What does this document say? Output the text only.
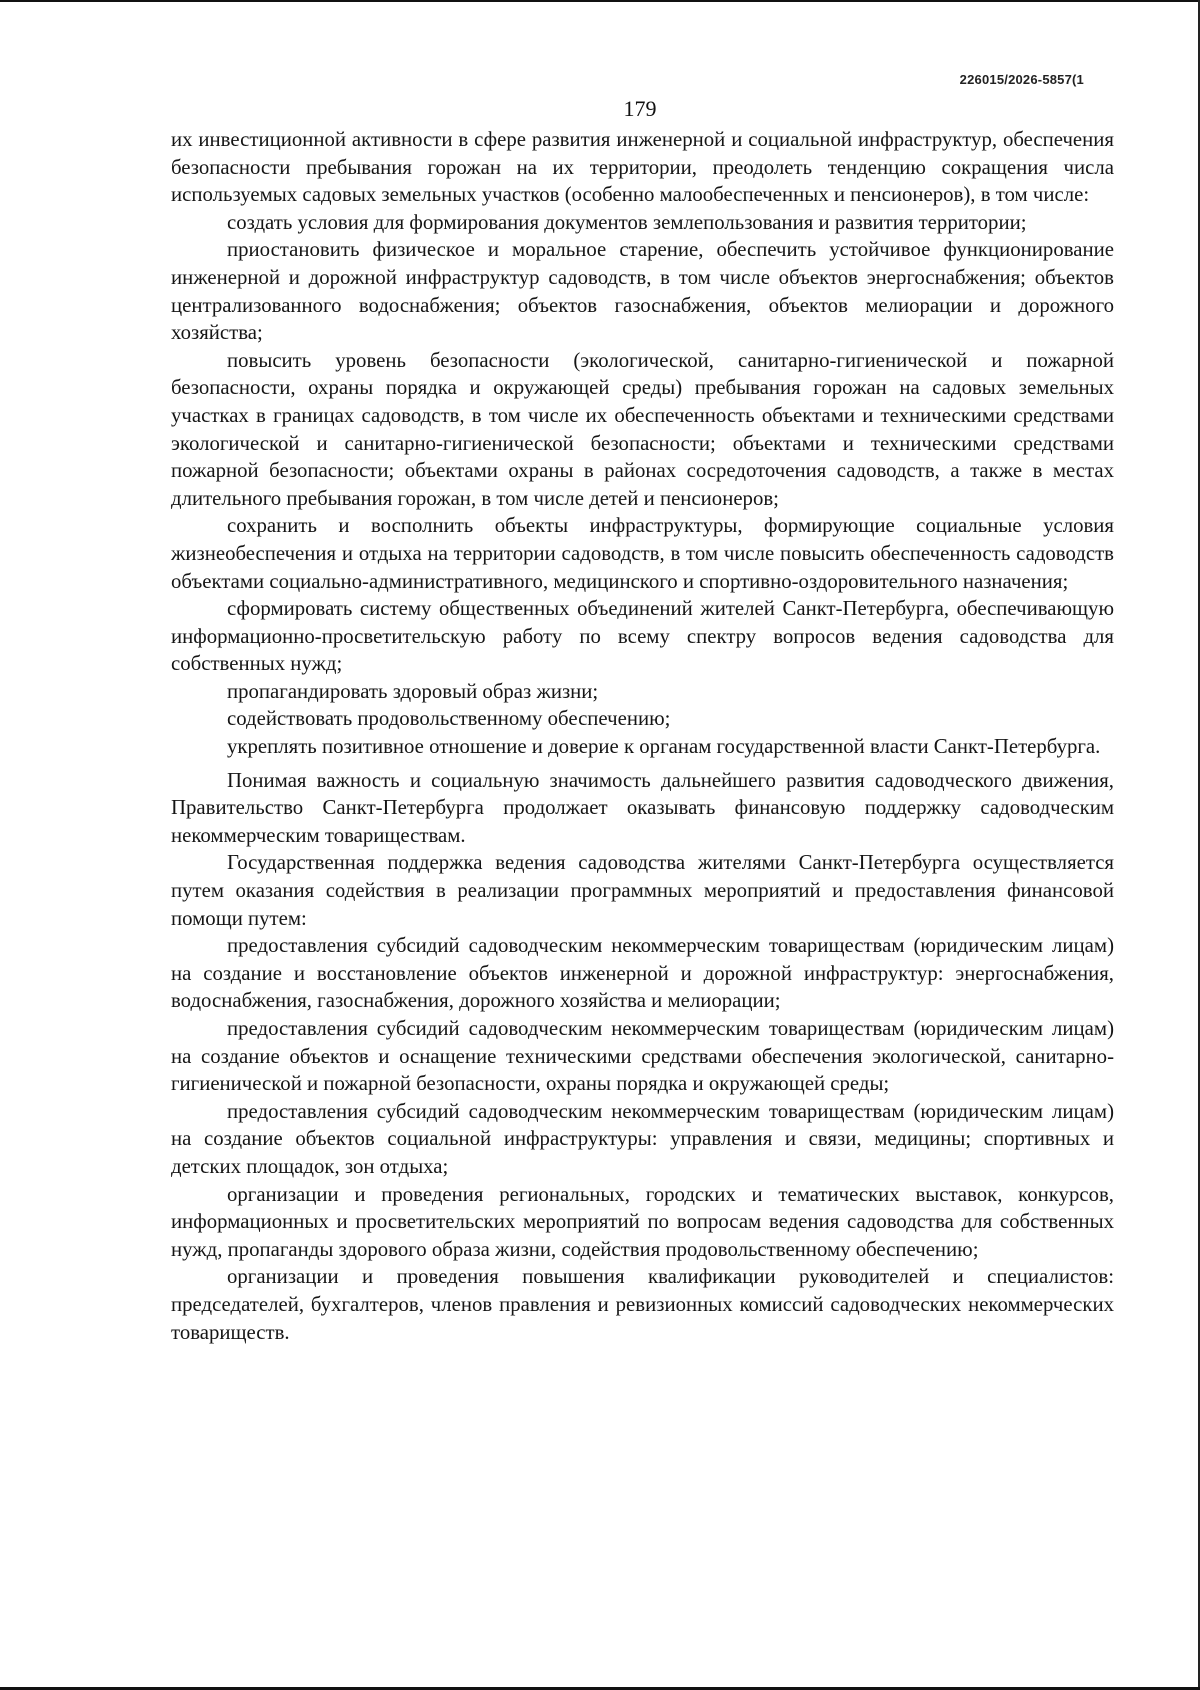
226015/2026-5857(1
179

их инвестиционной активности в сфере развития инженерной и социальной инфраструктур, обеспечения безопасности пребывания горожан на их территории, преодолеть тенденцию сокращения числа используемых садовых земельных участков (особенно малообеспеченных и пенсионеров), в том числе:

создать условия для формирования документов землепользования и развития территории;

приостановить физическое и моральное старение, обеспечить устойчивое функционирование инженерной и дорожной инфраструктур садоводств, в том числе объектов энергоснабжения; объектов централизованного водоснабжения; объектов газоснабжения, объектов мелиорации и дорожного хозяйства;

повысить уровень безопасности (экологической, санитарно-гигиенической и пожарной безопасности, охраны порядка и окружающей среды) пребывания горожан на садовых земельных участках в границах садоводств, в том числе их обеспеченность объектами и техническими средствами экологической и санитарно-гигиенической безопасности; объектами и техническими средствами пожарной безопасности; объектами охраны в районах сосредоточения садоводств, а также в местах длительного пребывания горожан, в том числе детей и пенсионеров;

сохранить и восполнить объекты инфраструктуры, формирующие социальные условия жизнеобеспечения и отдыха на территории садоводств, в том числе повысить обеспеченность садоводств объектами социально-административного, медицинского и спортивно-оздоровительного назначения;

сформировать систему общественных объединений жителей Санкт-Петербурга, обеспечивающую информационно-просветительскую работу по всему спектру вопросов ведения садоводства для собственных нужд;

пропагандировать здоровый образ жизни;

содействовать продовольственному обеспечению;

укреплять позитивное отношение и доверие к органам государственной власти Санкт-Петербурга.

Понимая важность и социальную значимость дальнейшего развития садоводческого движения, Правительство Санкт-Петербурга продолжает оказывать финансовую поддержку садоводческим некоммерческим товариществам.

Государственная поддержка ведения садоводства жителями Санкт-Петербурга осуществляется путем оказания содействия в реализации программных мероприятий и предоставления финансовой помощи путем:

предоставления субсидий садоводческим некоммерческим товариществам (юридическим лицам) на создание и восстановление объектов инженерной и дорожной инфраструктур: энергоснабжения, водоснабжения, газоснабжения, дорожного хозяйства и мелиорации;

предоставления субсидий садоводческим некоммерческим товариществам (юридическим лицам) на создание объектов и оснащение техническими средствами обеспечения экологической, санитарно-гигиенической и пожарной безопасности, охраны порядка и окружающей среды;

предоставления субсидий садоводческим некоммерческим товариществам (юридическим лицам) на создание объектов социальной инфраструктуры: управления и связи, медицины; спортивных и детских площадок, зон отдыха;

организации и проведения региональных, городских и тематических выставок, конкурсов, информационных и просветительских мероприятий по вопросам ведения садоводства для собственных нужд, пропаганды здорового образа жизни, содействия продовольственному обеспечению;

организации и проведения повышения квалификации руководителей и специалистов: председателей, бухгалтеров, членов правления и ревизионных комиссий садоводческих некоммерческих товариществ.
